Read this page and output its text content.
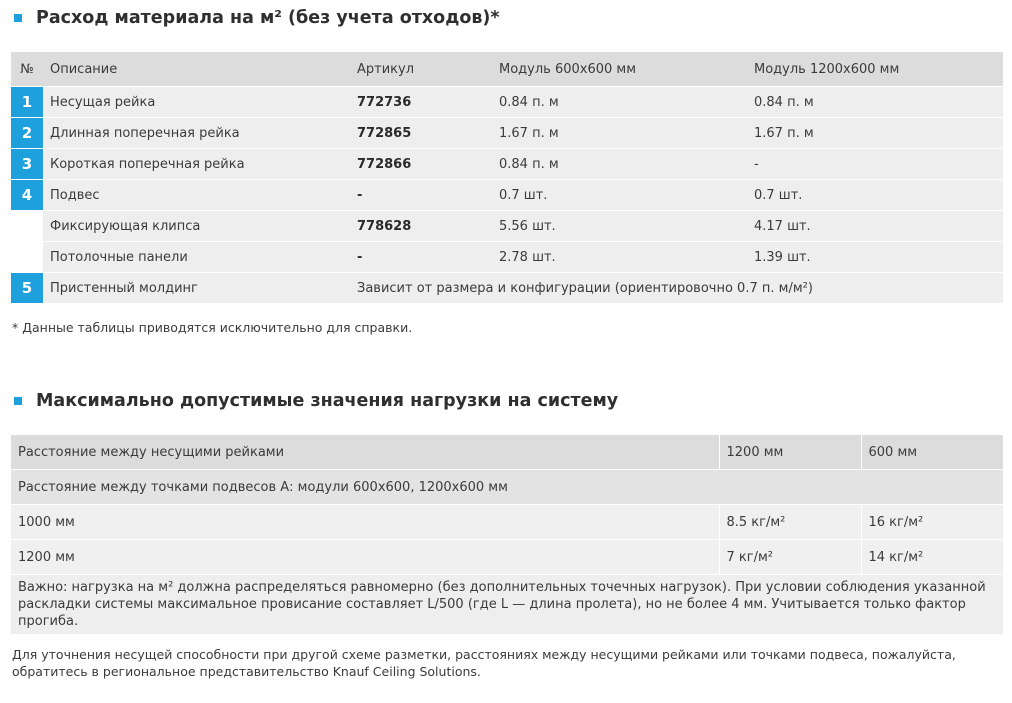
Расход материала на м² (без учета отходов)*
№	Описание	Артикул	Модуль 600x600 мм	Модуль 1200x600 мм
1	Несущая рейка	772736	0.84 п. м	0.84 п. м
2	Длинная поперечная рейка	772865	1.67 п. м	1.67 п. м
3	Короткая поперечная рейка	772866	0.84 п. м	-
4	Подвес	-	0.7 шт.	0.7 шт.
	Фиксирующая клипса	778628	5.56 шт.	4.17 шт.
	Потолочные панели	-	2.78 шт.	1.39 шт.
5	Пристенный молдинг	Зависит от размера и конфигурации (ориентировочно 0.7 п. м/м²)		
* Данные таблицы приводятся исключительно для справки.
Максимально допустимые значения нагрузки на систему
Расстояние между несущими рейками	1200 мм	600 мм
Расстояние между точками подвесов А: модули 600x600, 1200x600 мм		
1000 мм	8.5 кг/м²	16 кг/м²
1200 мм	7 кг/м²	14 кг/м²
Важно: нагрузка на м² должна распределяться равномерно (без дополнительных точечных нагрузок). При условии соблюдения указанной раскладки системы максимальное провисание составляет L/500 (где L — длина пролета), но не более 4 мм. Учитывается только фактор прогиба.		
Для уточнения несущей способности при другой схеме разметки, расстояниях между несущими рейками или точками подвеса, пожалуйста, обратитесь в региональное представительство Knauf Ceiling Solutions.
